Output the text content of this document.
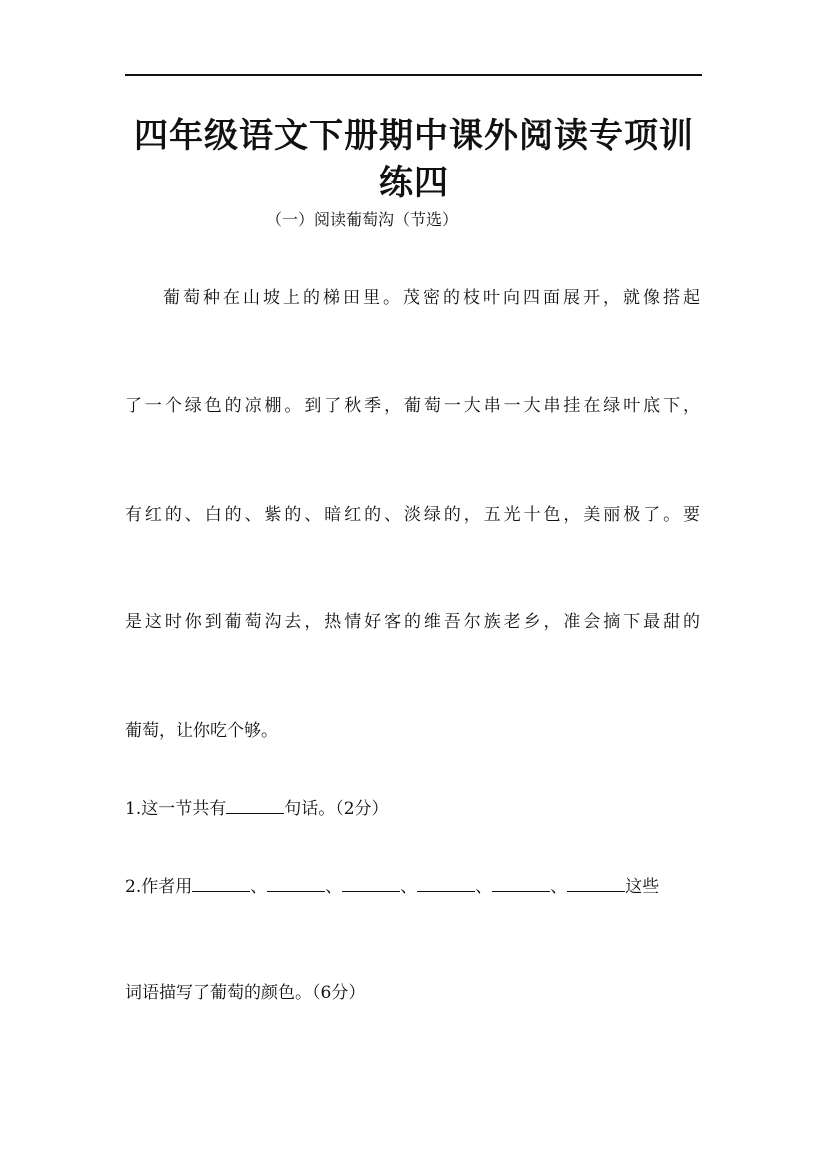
四年级语文下册期中课外阅读专项训练四
（一）阅读葡萄沟（节选）
葡萄种在山坡上的梯田里。茂密的枝叶向四面展开，就像搭起
了一个绿色的凉棚。到了秋季，葡萄一大串一大串挂在绿叶底下，
有红的、白的、紫的、暗红的、淡绿的，五光十色，美丽极了。要
是这时你到葡萄沟去，热情好客的维吾尔族老乡，准会摘下最甜的
葡萄，让你吃个够。
1.这一节共有	句话。（2分）
2.作者用	、	、	、	、	、	这些
词语描写了葡萄的颜色。（6分）
